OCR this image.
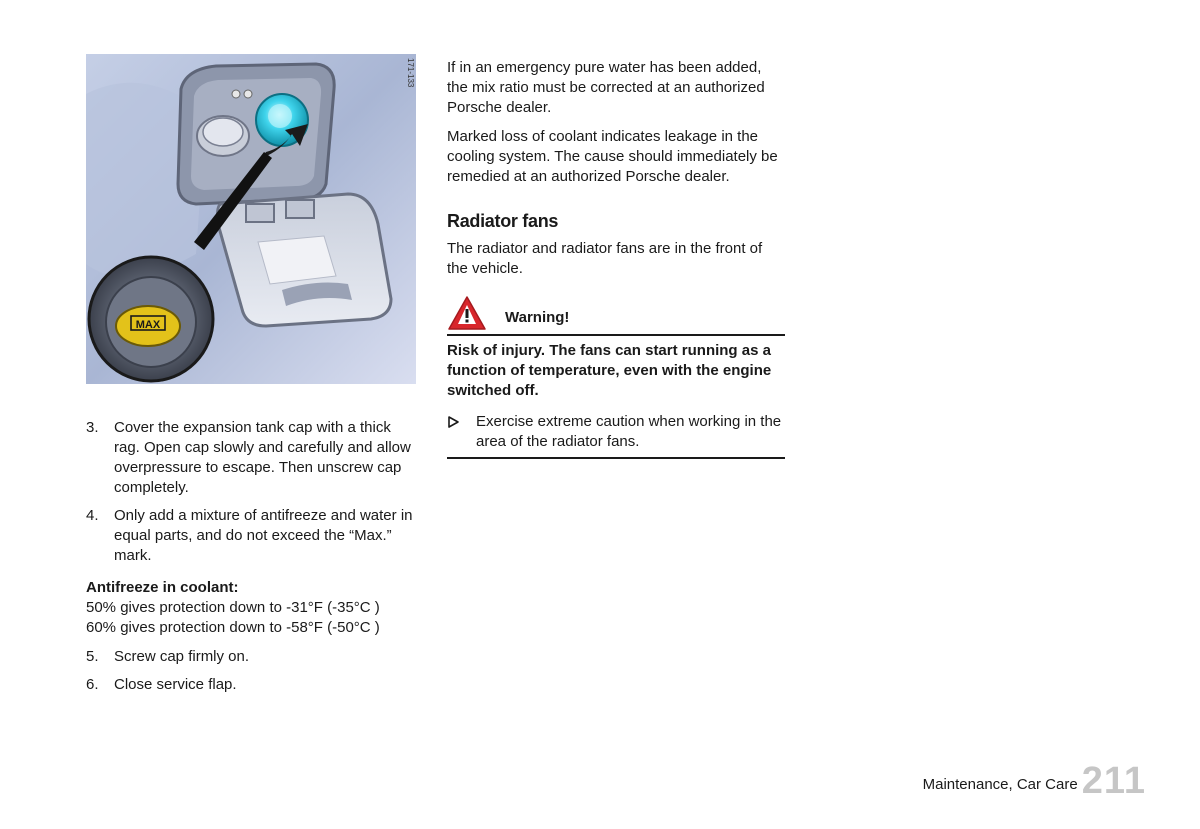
MAX
171-133
3. Cover the expansion tank cap with a thick rag. Open cap slowly and carefully and allow overpressure to escape. Then unscrew cap completely.
4. Only add a mixture of antifreeze and water in equal parts, and do not exceed the “Max.” mark.
Antifreeze in coolant:
50% gives protection down to -31°F (-35°C )
60% gives protection down to -58°F (-50°C )
5. Screw cap firmly on.
6. Close service flap.

If in an emergency pure water has been added, the mix ratio must be corrected at an authorized Porsche dealer.

Marked loss of coolant indicates leakage in the cooling system. The cause should immediately be remedied at an authorized Porsche dealer.

Radiator fans

The radiator and radiator fans are in the front of the vehicle.

Warning!
Risk of injury. The fans can start running as a function of temperature, even with the engine switched off.
Exercise extreme caution when working in the area of the radiator fans.
Maintenance, Car Care 211
